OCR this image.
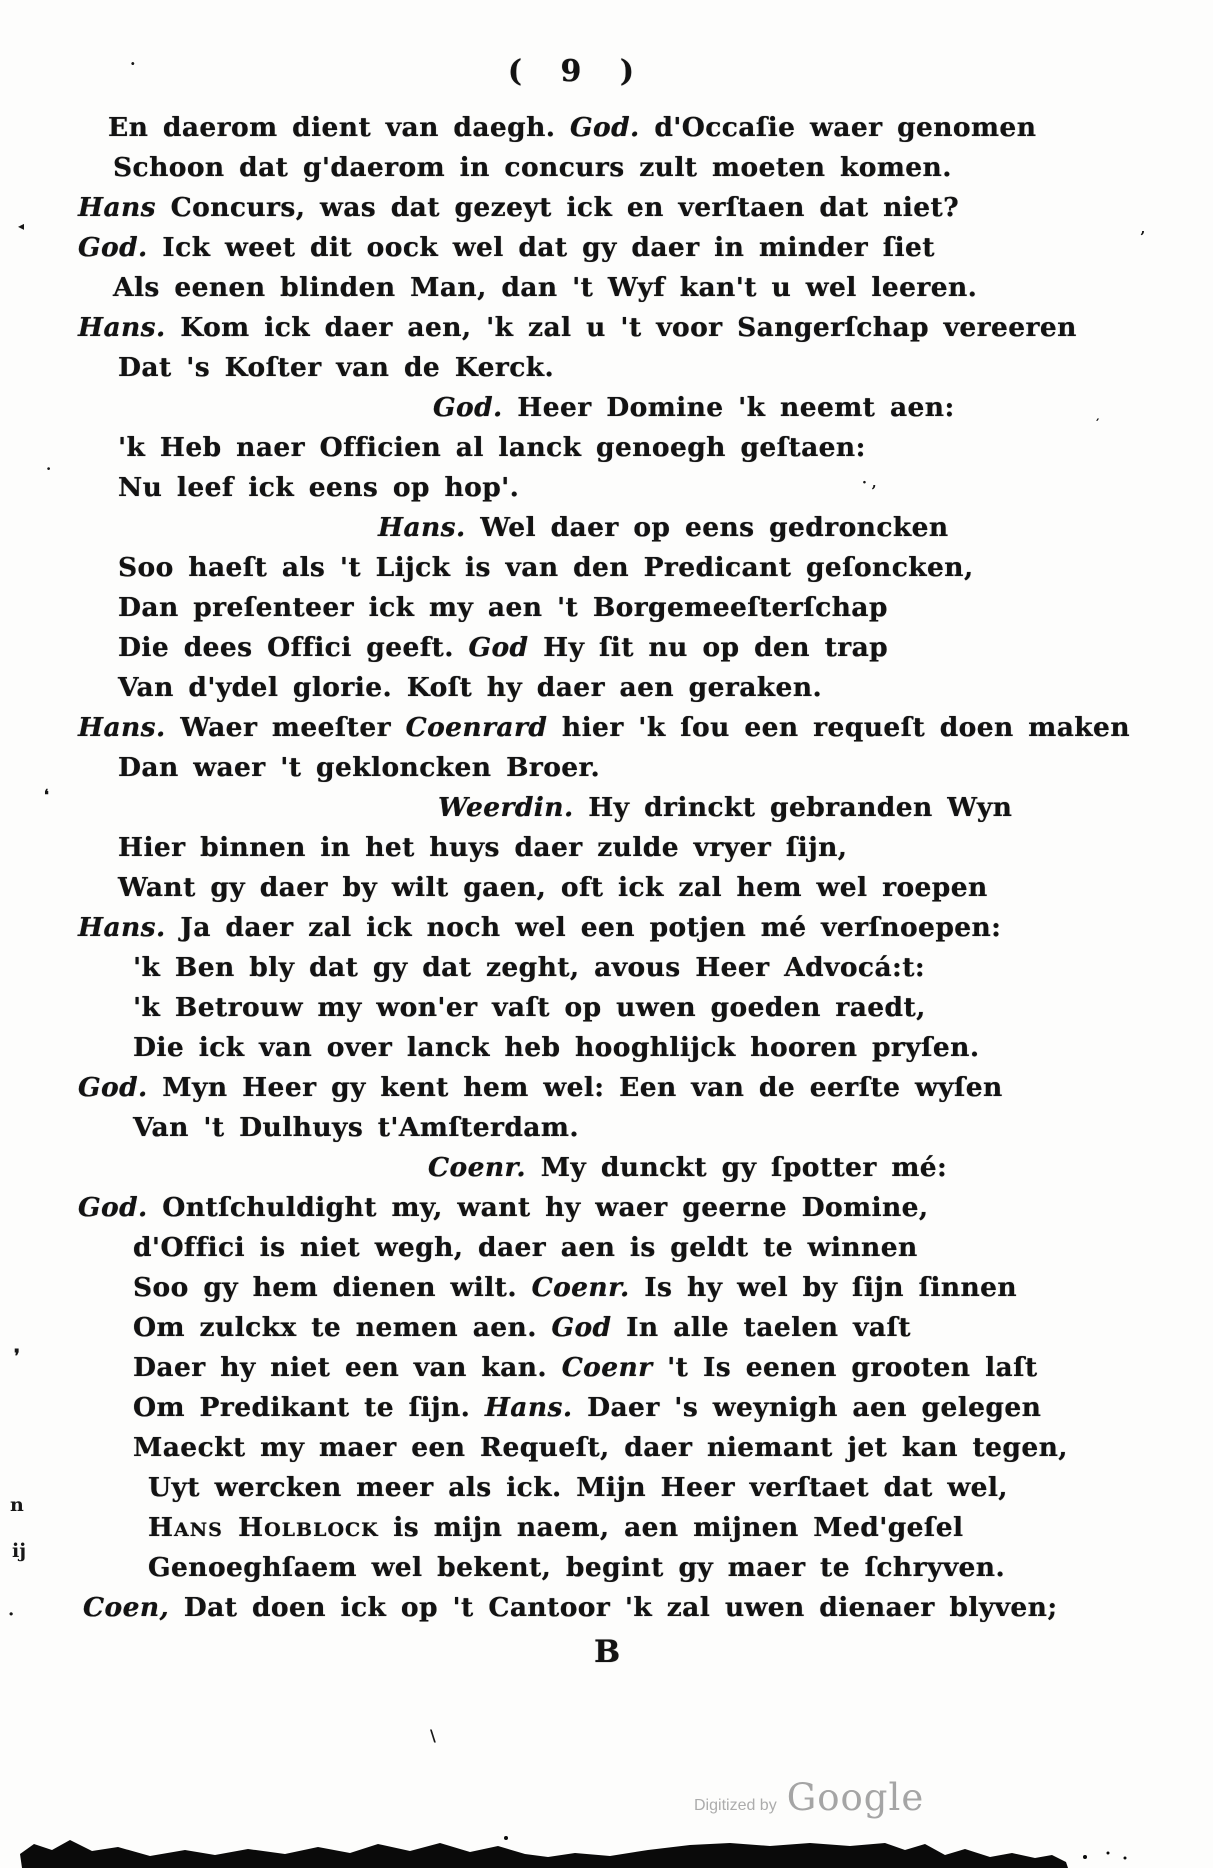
( 9 )
En daerom dient van daegh. God. d'Occaſie waer genomen
Schoon dat g'daerom in concurs zult moeten komen.
Hans Concurs, was dat gezeyt ick en verſtaen dat niet?
God. Ick weet dit oock wel dat gy daer in minder ſiet
Als eenen blinden Man, dan 't Wyf kan't u wel leeren.
Hans. Kom ick daer aen, 'k zal u 't voor Sangerſchap vereeren
Dat 's Koſter van de Kerck.
God. Heer Domine 'k neemt aen:
'k Heb naer Officien al lanck genoegh geſtaen:
Nu leef ick eens op hop'.
Hans. Wel daer op eens gedroncken
Soo haeſt als 't Lijck is van den Predicant geſoncken,
Dan preſenteer ick my aen 't Borgemeeſterſchap
Die dees Offici geeft. God Hy ſit nu op den trap
Van d'ydel glorie. Koſt hy daer aen geraken.
Hans. Waer meeſter Coenrard hier 'k ſou een requeſt doen maken
Dan waer 't gekloncken Broer.
Weerdin. Hy drinckt gebranden Wyn
Hier binnen in het huys daer zulde vryer ſijn,
Want gy daer by wilt gaen, oft ick zal hem wel roepen
Hans. Ja daer zal ick noch wel een potjen mé verſnoepen:
'k Ben bly dat gy dat zeght, avous Heer Advocá:t:
'k Betrouw my won'er vaſt op uwen goeden raedt,
Die ick van over lanck heb hooghlijck hooren pryſen.
God. Myn Heer gy kent hem wel: Een van de eerſte wyſen
Van 't Dulhuys t'Amſterdam.
Coenr. My dunckt gy ſpotter mé:
God. Ontſchuldight my, want hy waer geerne Domine,
d'Offici is niet wegh, daer aen is geldt te winnen
Soo gy hem dienen wilt. Coenr. Is hy wel by ſijn ſinnen
Om zulckx te nemen aen. God In alle taelen vaſt
Daer hy niet een van kan. Coenr 't Is eenen grooten laſt
Om Predikant te ſijn. Hans. Daer 's weynigh aen gelegen
Maeckt my maer een Requeſt, daer niemant jet kan tegen,
Uyt wercken meer als ick. Mijn Heer verſtaet dat wel,
Hans Holblock is mijn naem, aen mijnen Med'geſel
Genoeghſaem wel bekent, begint gy maer te ſchryven.
Coen, Dat doen ick op 't Cantoor 'k zal uwen dienaer blyven;
B
Digitized by Google
·
◂
·
· ,
’
′
❛
❜
n
ij
·
\
